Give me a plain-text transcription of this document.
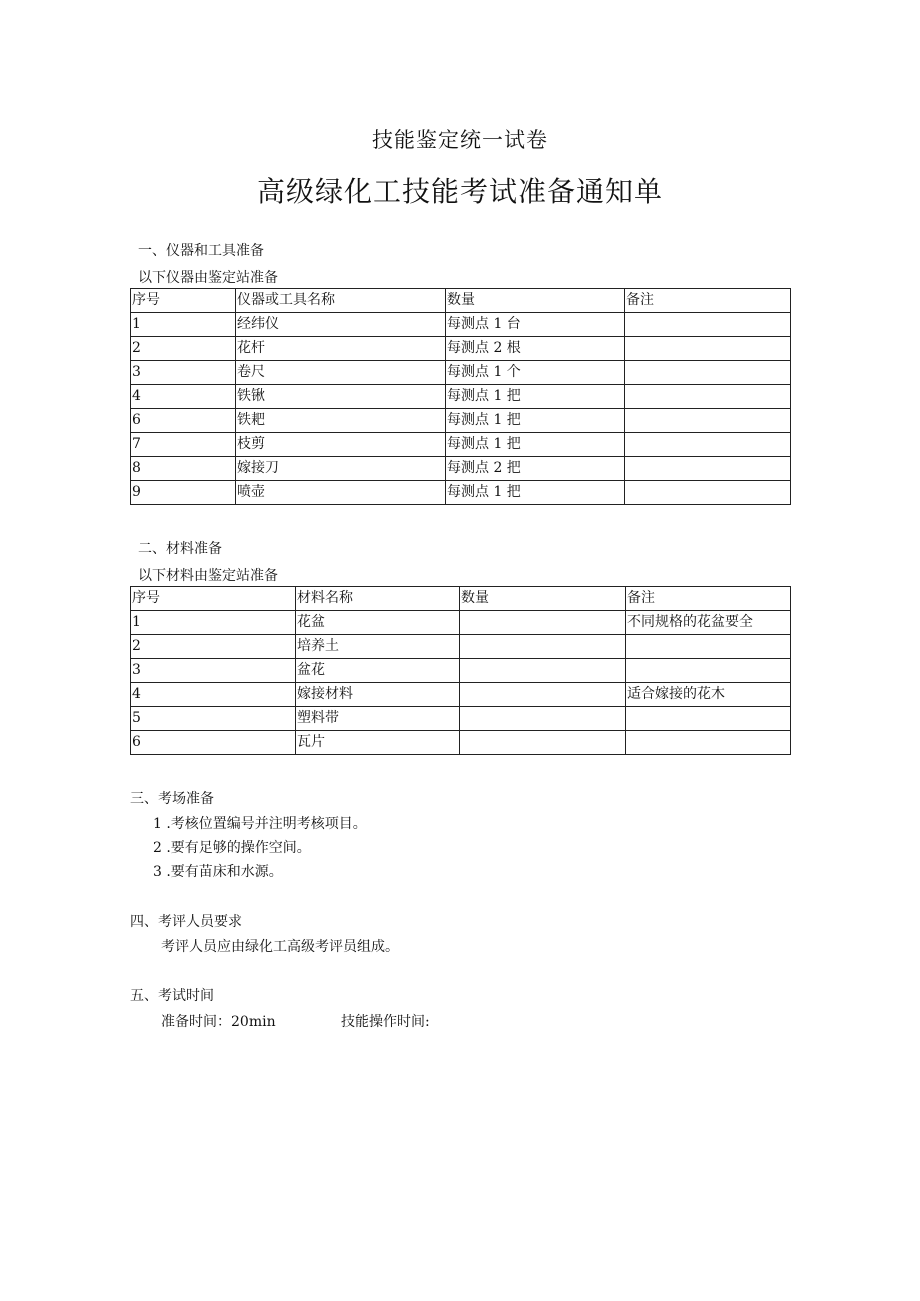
技能鉴定统一试卷
高级绿化工技能考试准备通知单
一、仪器和工具准备
以下仪器由鉴定站准备
序号	仪器或工具名称	数量	备注
1	经纬仪	每测点 1 台	
2	花杆	每测点 2 根	
3	卷尺	每测点 1 个	
4	铁锹	每测点 1 把	
6	铁耙	每测点 1 把	
7	枝剪	每测点 1 把	
8	嫁接刀	每测点 2 把	
9	喷壶	每测点 1 把	
二、材料准备
以下材料由鉴定站准备
序号	材料名称	数量	备注
1	花盆		不同规格的花盆要全
2	培养土		
3	盆花		
4	嫁接材料		适合嫁接的花木
5	塑料带		
6	瓦片		
三、考场准备
1 .考核位置编号并注明考核项目。
2 .要有足够的操作空间。
3 .要有苗床和水源。
四、考评人员要求
考评人员应由绿化工高级考评员组成。
五、考试时间
准备时间：20min	技能操作时间:
